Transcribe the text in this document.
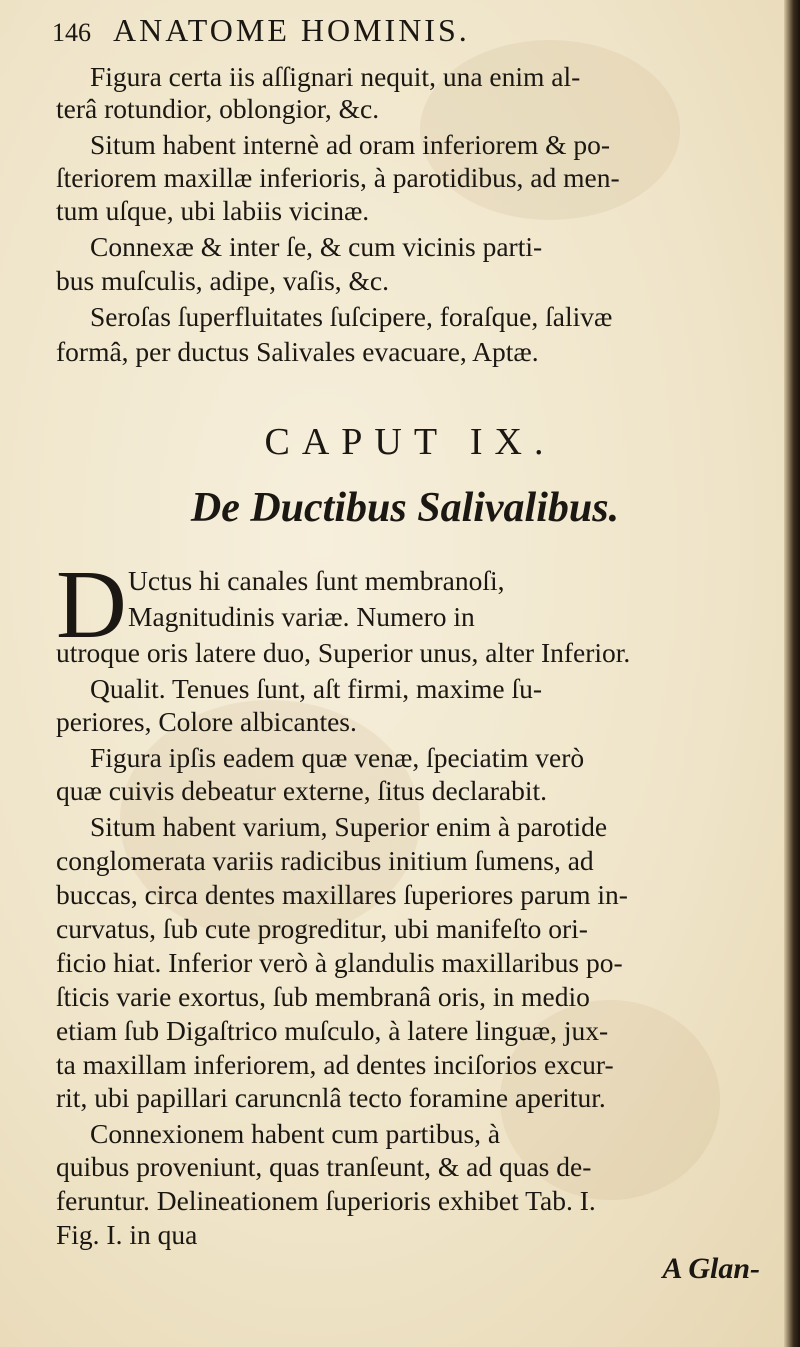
146 ANATOME HOMINIS.
Figura certa iis aſſignari nequit, una enim al-
terâ rotundior, oblongior, &c.
Situm habent internè ad oram inferiorem & po-
ſteriorem maxillæ inferioris, à parotidibus, ad men-
tum uſque, ubi labiis vicinæ.
Connexæ & inter ſe, & cum vicinis parti-
bus muſculis, adipe, vaſis, &c.
Seroſas ſuperfluitates ſuſcipere, foraſque, ſalivæ
formâ, per ductus Salivales evacuare, Aptæ.
CAPUT IX.
De Ductibus Salivalibus.
D Uctus hi canales ſunt membranoſi,
Magnitudinis variæ. Numero in
utroque oris latere duo, Superior unus, alter Inferior.
Qualit. Tenues ſunt, aſt firmi, maxime ſu-
periores, Colore albicantes.
Figura ipſis eadem quæ venæ, ſpeciatim verò
quæ cuivis debeatur externe, ſitus declarabit.
Situm habent varium, Superior enim à parotide
conglomerata variis radicibus initium ſumens, ad
buccas, circa dentes maxillares ſuperiores parum in-
curvatus, ſub cute progreditur, ubi manifeſto ori-
ficio hiat. Inferior verò à glandulis maxillaribus po-
ſticis varie exortus, ſub membranâ oris, in medio
etiam ſub Digaſtrico muſculo, à latere linguæ, jux-
ta maxillam inferiorem, ad dentes inciſorios excur-
rit, ubi papillari caruncnlâ tecto foramine aperitur.
Connexionem habent cum partibus, à
quibus proveniunt, quas tranſeunt, & ad quas de-
feruntur. Delineationem ſuperioris exhibet Tab. I.
Fig. I. in qua
A Glan-
